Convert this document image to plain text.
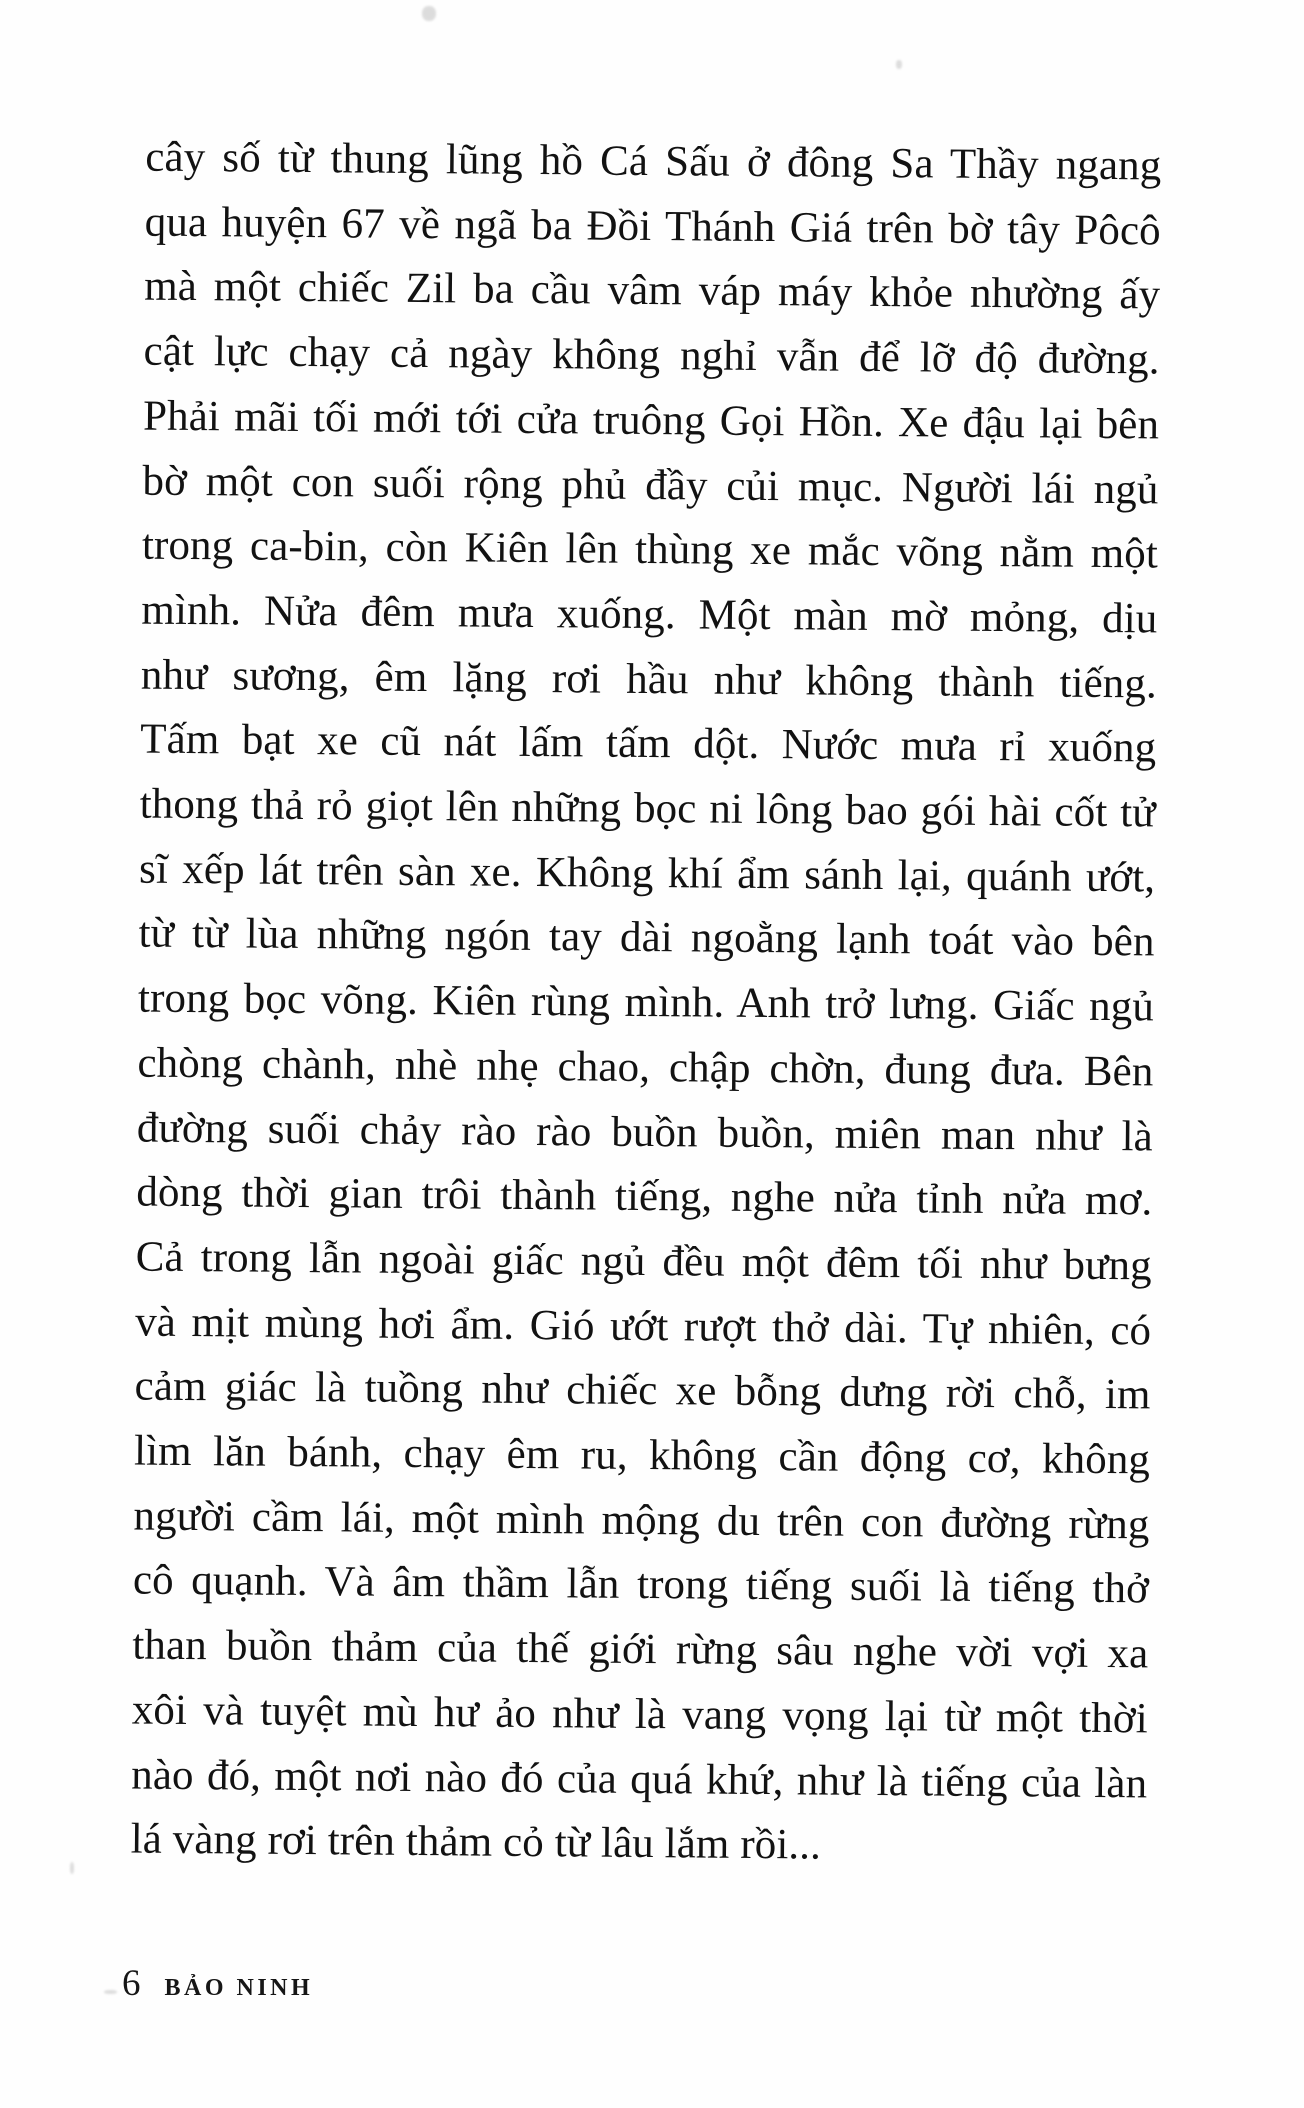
cây số từ thung lũng hồ Cá Sấu ở đông Sa Thầy ngang
qua huyện 67 về ngã ba Đồi Thánh Giá trên bờ tây Pôcô
mà một chiếc Zil ba cầu vâm váp máy khỏe nhường ấy
cật lực chạy cả ngày không nghỉ vẫn để lỡ độ đường.
Phải mãi tối mới tới cửa truông Gọi Hồn. Xe đậu lại bên
bờ một con suối rộng phủ đầy củi mục. Người lái ngủ
trong ca-bin, còn Kiên lên thùng xe mắc võng nằm một
mình. Nửa đêm mưa xuống. Một màn mờ mỏng, dịu
như sương, êm lặng rơi hầu như không thành tiếng.
Tấm bạt xe cũ nát lấm tấm dột. Nước mưa rỉ xuống
thong thả rỏ giọt lên những bọc ni lông bao gói hài cốt tử
sĩ xếp lát trên sàn xe. Không khí ẩm sánh lại, quánh ướt,
từ từ lùa những ngón tay dài ngoằng lạnh toát vào bên
trong bọc võng. Kiên rùng mình. Anh trở lưng. Giấc ngủ
chòng chành, nhè nhẹ chao, chập chờn, đung đưa. Bên
đường suối chảy rào rào buồn buồn, miên man như là
dòng thời gian trôi thành tiếng, nghe nửa tỉnh nửa mơ.
Cả trong lẫn ngoài giấc ngủ đều một đêm tối như bưng
và mịt mùng hơi ẩm. Gió ướt rượt thở dài. Tự nhiên, có
cảm giác là tuồng như chiếc xe bỗng dưng rời chỗ, im
lìm lăn bánh, chạy êm ru, không cần động cơ, không
người cầm lái, một mình mộng du trên con đường rừng
cô quạnh. Và âm thầm lẫn trong tiếng suối là tiếng thở
than buồn thảm của thế giới rừng sâu nghe vời vợi xa
xôi và tuyệt mù hư ảo như là vang vọng lại từ một thời
nào đó, một nơi nào đó của quá khứ, như là tiếng của làn
lá vàng rơi trên thảm cỏ từ lâu lắm rồi...
6 BẢO NINH
